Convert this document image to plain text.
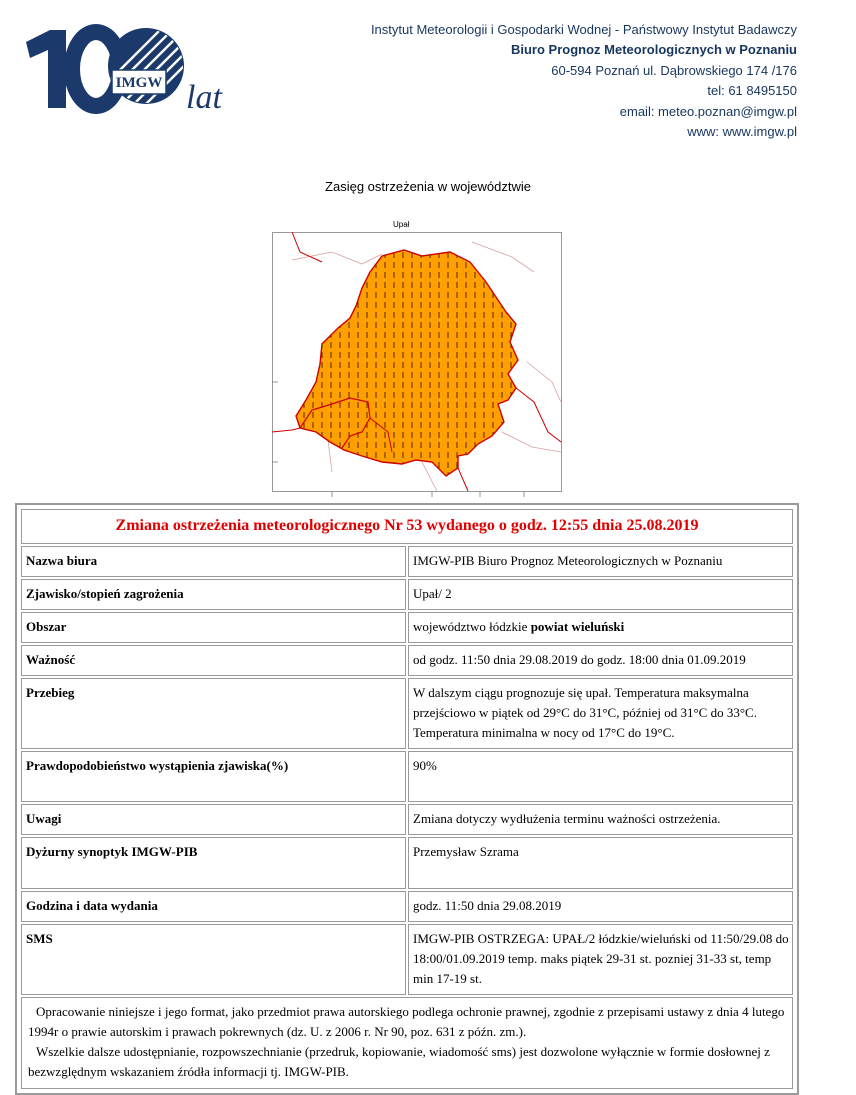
IMGW lat
Instytut Meteorologii i Gospodarki Wodnej - Państwowy Instytut Badawczy
Biuro Prognoz Meteorologicznych w Poznaniu
60-594 Poznań ul. Dąbrowskiego 174 /176
tel: 61 8495150
email: meteo.poznan@imgw.pl
www: www.imgw.pl
Zasięg ostrzeżenia w województwie
Upał
Zmiana ostrzeżenia meteorologicznego Nr 53 wydanego o godz. 12:55 dnia 25.08.2019	
Nazwa biura	IMGW-PIB Biuro Prognoz Meteorologicznych w Poznaniu
Zjawisko/stopień zagrożenia	Upał/ 2
Obszar	województwo łódzkie powiat wieluński
Ważność	od godz. 11:50 dnia 29.08.2019 do godz. 18:00 dnia 01.09.2019
Przebieg	W dalszym ciągu prognozuje się upał. Temperatura maksymalna przejściowo w piątek od 29°C do 31°C, później od 31°C do 33°C. Temperatura minimalna w nocy od 17°C do 19°C.
Prawdopodobieństwo wystąpienia zjawiska(%)	90%
Uwagi	Zmiana dotyczy wydłużenia terminu ważności ostrzeżenia.
Dyżurny synoptyk IMGW-PIB	Przemysław Szrama
Godzina i data wydania	godz. 11:50 dnia 29.08.2019
SMS	IMGW-PIB OSTRZEGA: UPAŁ/2 łódzkie/wieluński od 11:50/29.08 do 18:00/01.09.2019 temp. maks piątek 29-31 st. pozniej 31-33 st, temp min 17-19 st.

Opracowanie niniejsze i jego format, jako przedmiot prawa autorskiego podlega ochronie prawnej, zgodnie z przepisami ustawy z dnia 4 lutego 1994r o prawie autorskim i prawach pokrewnych (dz. U. z 2006 r. Nr 90, poz. 631 z późn. zm.).

Wszelkie dalsze udostępnianie, rozpowszechnianie (przedruk, kopiowanie, wiadomość sms) jest dozwolone wyłącznie w formie dosłownej z bezwzględnym wskazaniem źródła informacji tj. IMGW-PIB.	
